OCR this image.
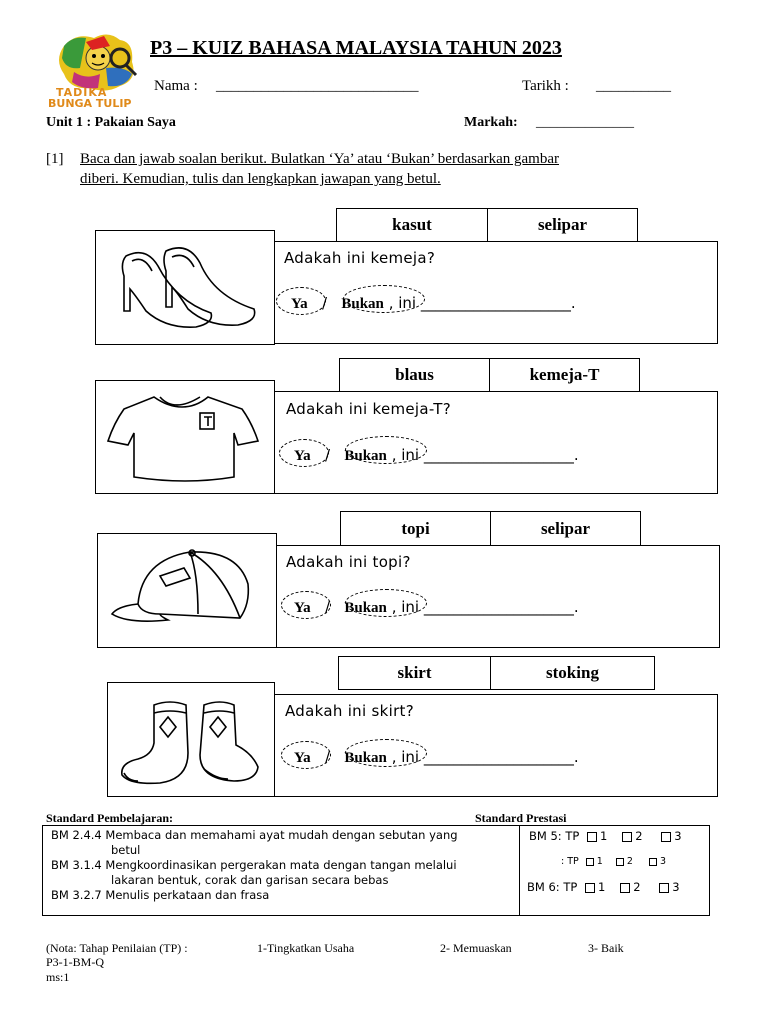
TADIKA
BUNGA TULIP
P3 – KUIZ BAHASA MALAYSIA TAHUN 2023
Nama : ___________________________	Tarikh : __________
Unit 1 : Pakaian Saya	Markah: ______________
[1] Baca dan jawab soalan berikut. Bulatkan ‘Ya’ atau ‘Bukan’ berdasarkan gambar
diberi. Kemudian, tulis dan lengkapkan jawapan yang betul.
kasut	selipar
Adakah ini kemeja?
Ya / Bukan , ini ____________________.
blaus	kemeja-T
Adakah ini kemeja-T?
Ya / Bukan , ini ____________________.
topi	selipar
Adakah ini topi?
Ya / Bukan , ini ____________________.
skirt	stoking
Adakah ini skirt?
Ya / Bukan , ini ____________________.
Standard Pembelajaran:	Standard Prestasi
BM 2.4.4 Membaca dan memahami ayat mudah dengan sebutan yang
betul
BM 3.1.4 Mengkoordinasikan pergerakan mata dengan tangan melalui
lakaran bentuk, corak dan garisan secara bebas
BM 3.2.7 Menulis perkataan dan frasa
BM 5: TP 1 2	3
: TP 1	2	3
BM 6: TP 1 2	3
(Nota: Tahap Penilaian (TP) :	1-Tingkatkan Usaha	2- Memuaskan	3- Baik
P3-1-BM-Q
ms:1
